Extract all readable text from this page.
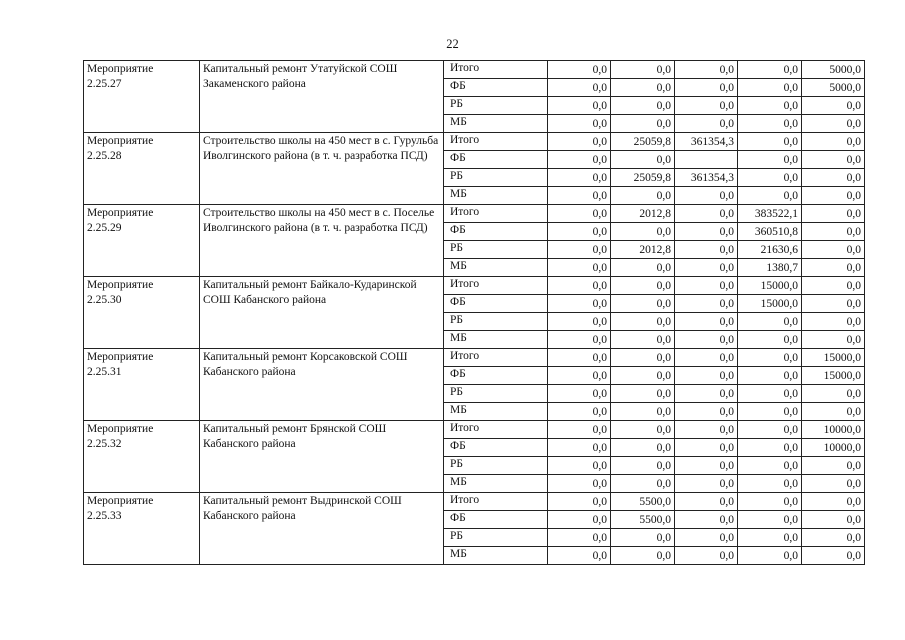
22
Мероприятие
2.25.27	Капитальный ремонт Утатуйской СОШ Закаменского района	Итого	0,0	0,0	0,0	0,0	5000,0
		ФБ	0,0	0,0	0,0	0,0	5000,0
		РБ	0,0	0,0	0,0	0,0	0,0
		МБ	0,0	0,0	0,0	0,0	0,0

Мероприятие
2.25.28	Строительство школы на 450 мест в с. Гурульба Иволгинского района (в т. ч. разработка ПСД)	Итого	0,0	25059,8	361354,3	0,0	0,0
		ФБ	0,0	0,0		0,0	0,0
		РБ	0,0	25059,8	361354,3	0,0	0,0
		МБ	0,0	0,0	0,0	0,0	0,0

Мероприятие
2.25.29	Строительство школы на 450 мест в с. Поселье Иволгинского района (в т. ч. разработка ПСД)	Итого	0,0	2012,8	0,0	383522,1	0,0
		ФБ	0,0	0,0	0,0	360510,8	0,0
		РБ	0,0	2012,8	0,0	21630,6	0,0
		МБ	0,0	0,0	0,0	1380,7	0,0

Мероприятие
2.25.30	Капитальный ремонт Байкало-Кударинской СОШ Кабанского района	Итого	0,0	0,0	0,0	15000,0	0,0
		ФБ	0,0	0,0	0,0	15000,0	0,0
		РБ	0,0	0,0	0,0	0,0	0,0
		МБ	0,0	0,0	0,0	0,0	0,0

Мероприятие
2.25.31	Капитальный ремонт Корсаковской СОШ Кабанского района	Итого	0,0	0,0	0,0	0,0	15000,0
		ФБ	0,0	0,0	0,0	0,0	15000,0
		РБ	0,0	0,0	0,0	0,0	0,0
		МБ	0,0	0,0	0,0	0,0	0,0

Мероприятие
2.25.32	Капитальный ремонт Брянской СОШ Кабанского района	Итого	0,0	0,0	0,0	0,0	10000,0
		ФБ	0,0	0,0	0,0	0,0	10000,0
		РБ	0,0	0,0	0,0	0,0	0,0
		МБ	0,0	0,0	0,0	0,0	0,0

Мероприятие
2.25.33	Капитальный ремонт Выдринской СОШ Кабанского района	Итого	0,0	5500,0	0,0	0,0	0,0
		ФБ	0,0	5500,0	0,0	0,0	0,0
		РБ	0,0	0,0	0,0	0,0	0,0
		МБ	0,0	0,0	0,0	0,0	0,0
